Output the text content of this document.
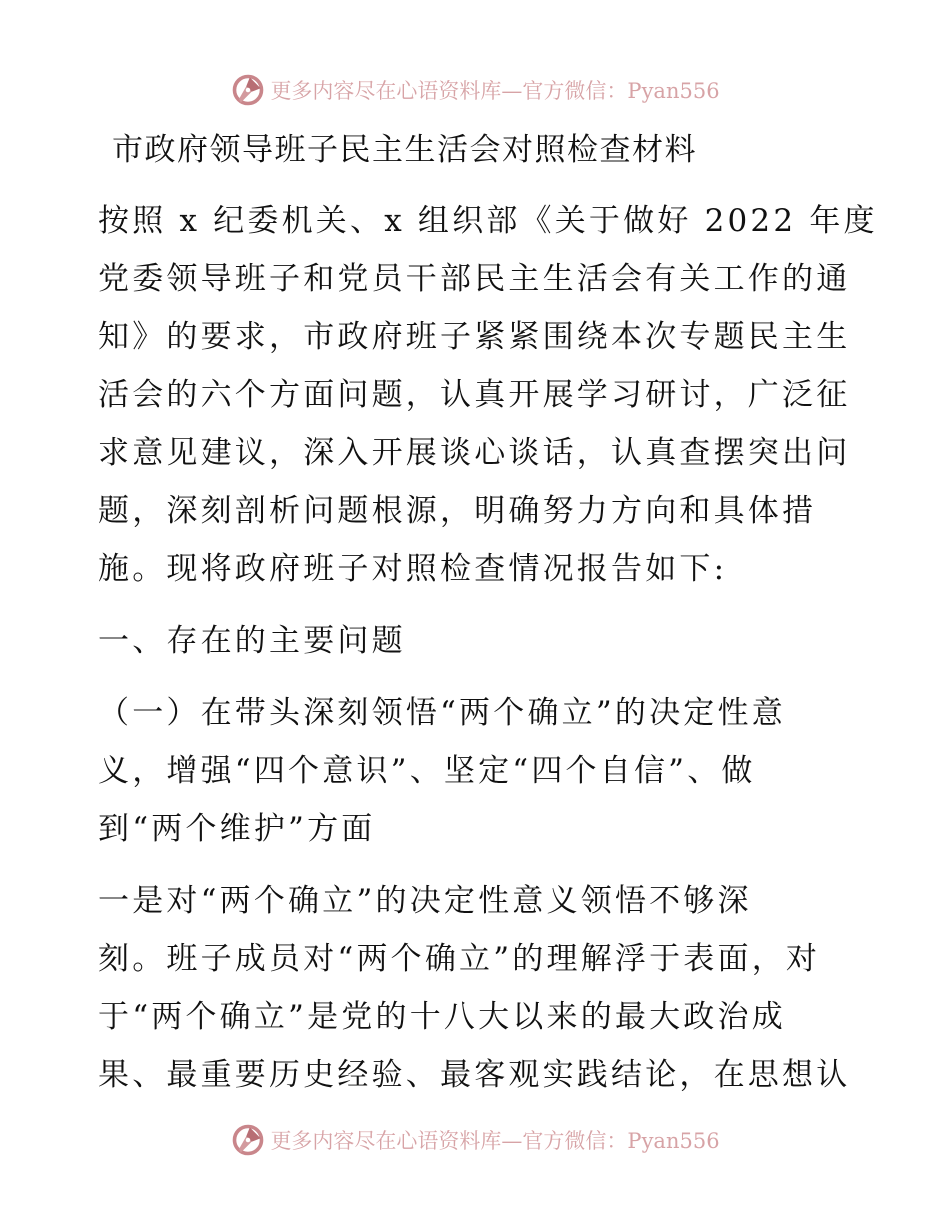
更多内容尽在心语资料库—官方微信：Pyan556
市政府领导班子民主生活会对照检查材料
按照 x 纪委机关、x 组织部《关于做好 2022 年度
党委领导班子和党员干部民主生活会有关工作的通
知》的要求，市政府班子紧紧围绕本次专题民主生
活会的六个方面问题，认真开展学习研讨，广泛征
求意见建议，深入开展谈心谈话，认真查摆突出问
题，深刻剖析问题根源，明确努力方向和具体措
施。现将政府班子对照检查情况报告如下:
一、存在的主要问题
（一）在带头深刻领悟“两个确立”的决定性意
义，增强“四个意识”、坚定“四个自信”、做
到“两个维护”方面
一是对“两个确立”的决定性意义领悟不够深
刻。班子成员对“两个确立”的理解浮于表面，对
于“两个确立”是党的十八大以来的最大政治成
果、最重要历史经验、最客观实践结论，在思想认
更多内容尽在心语资料库—官方微信：Pyan556
